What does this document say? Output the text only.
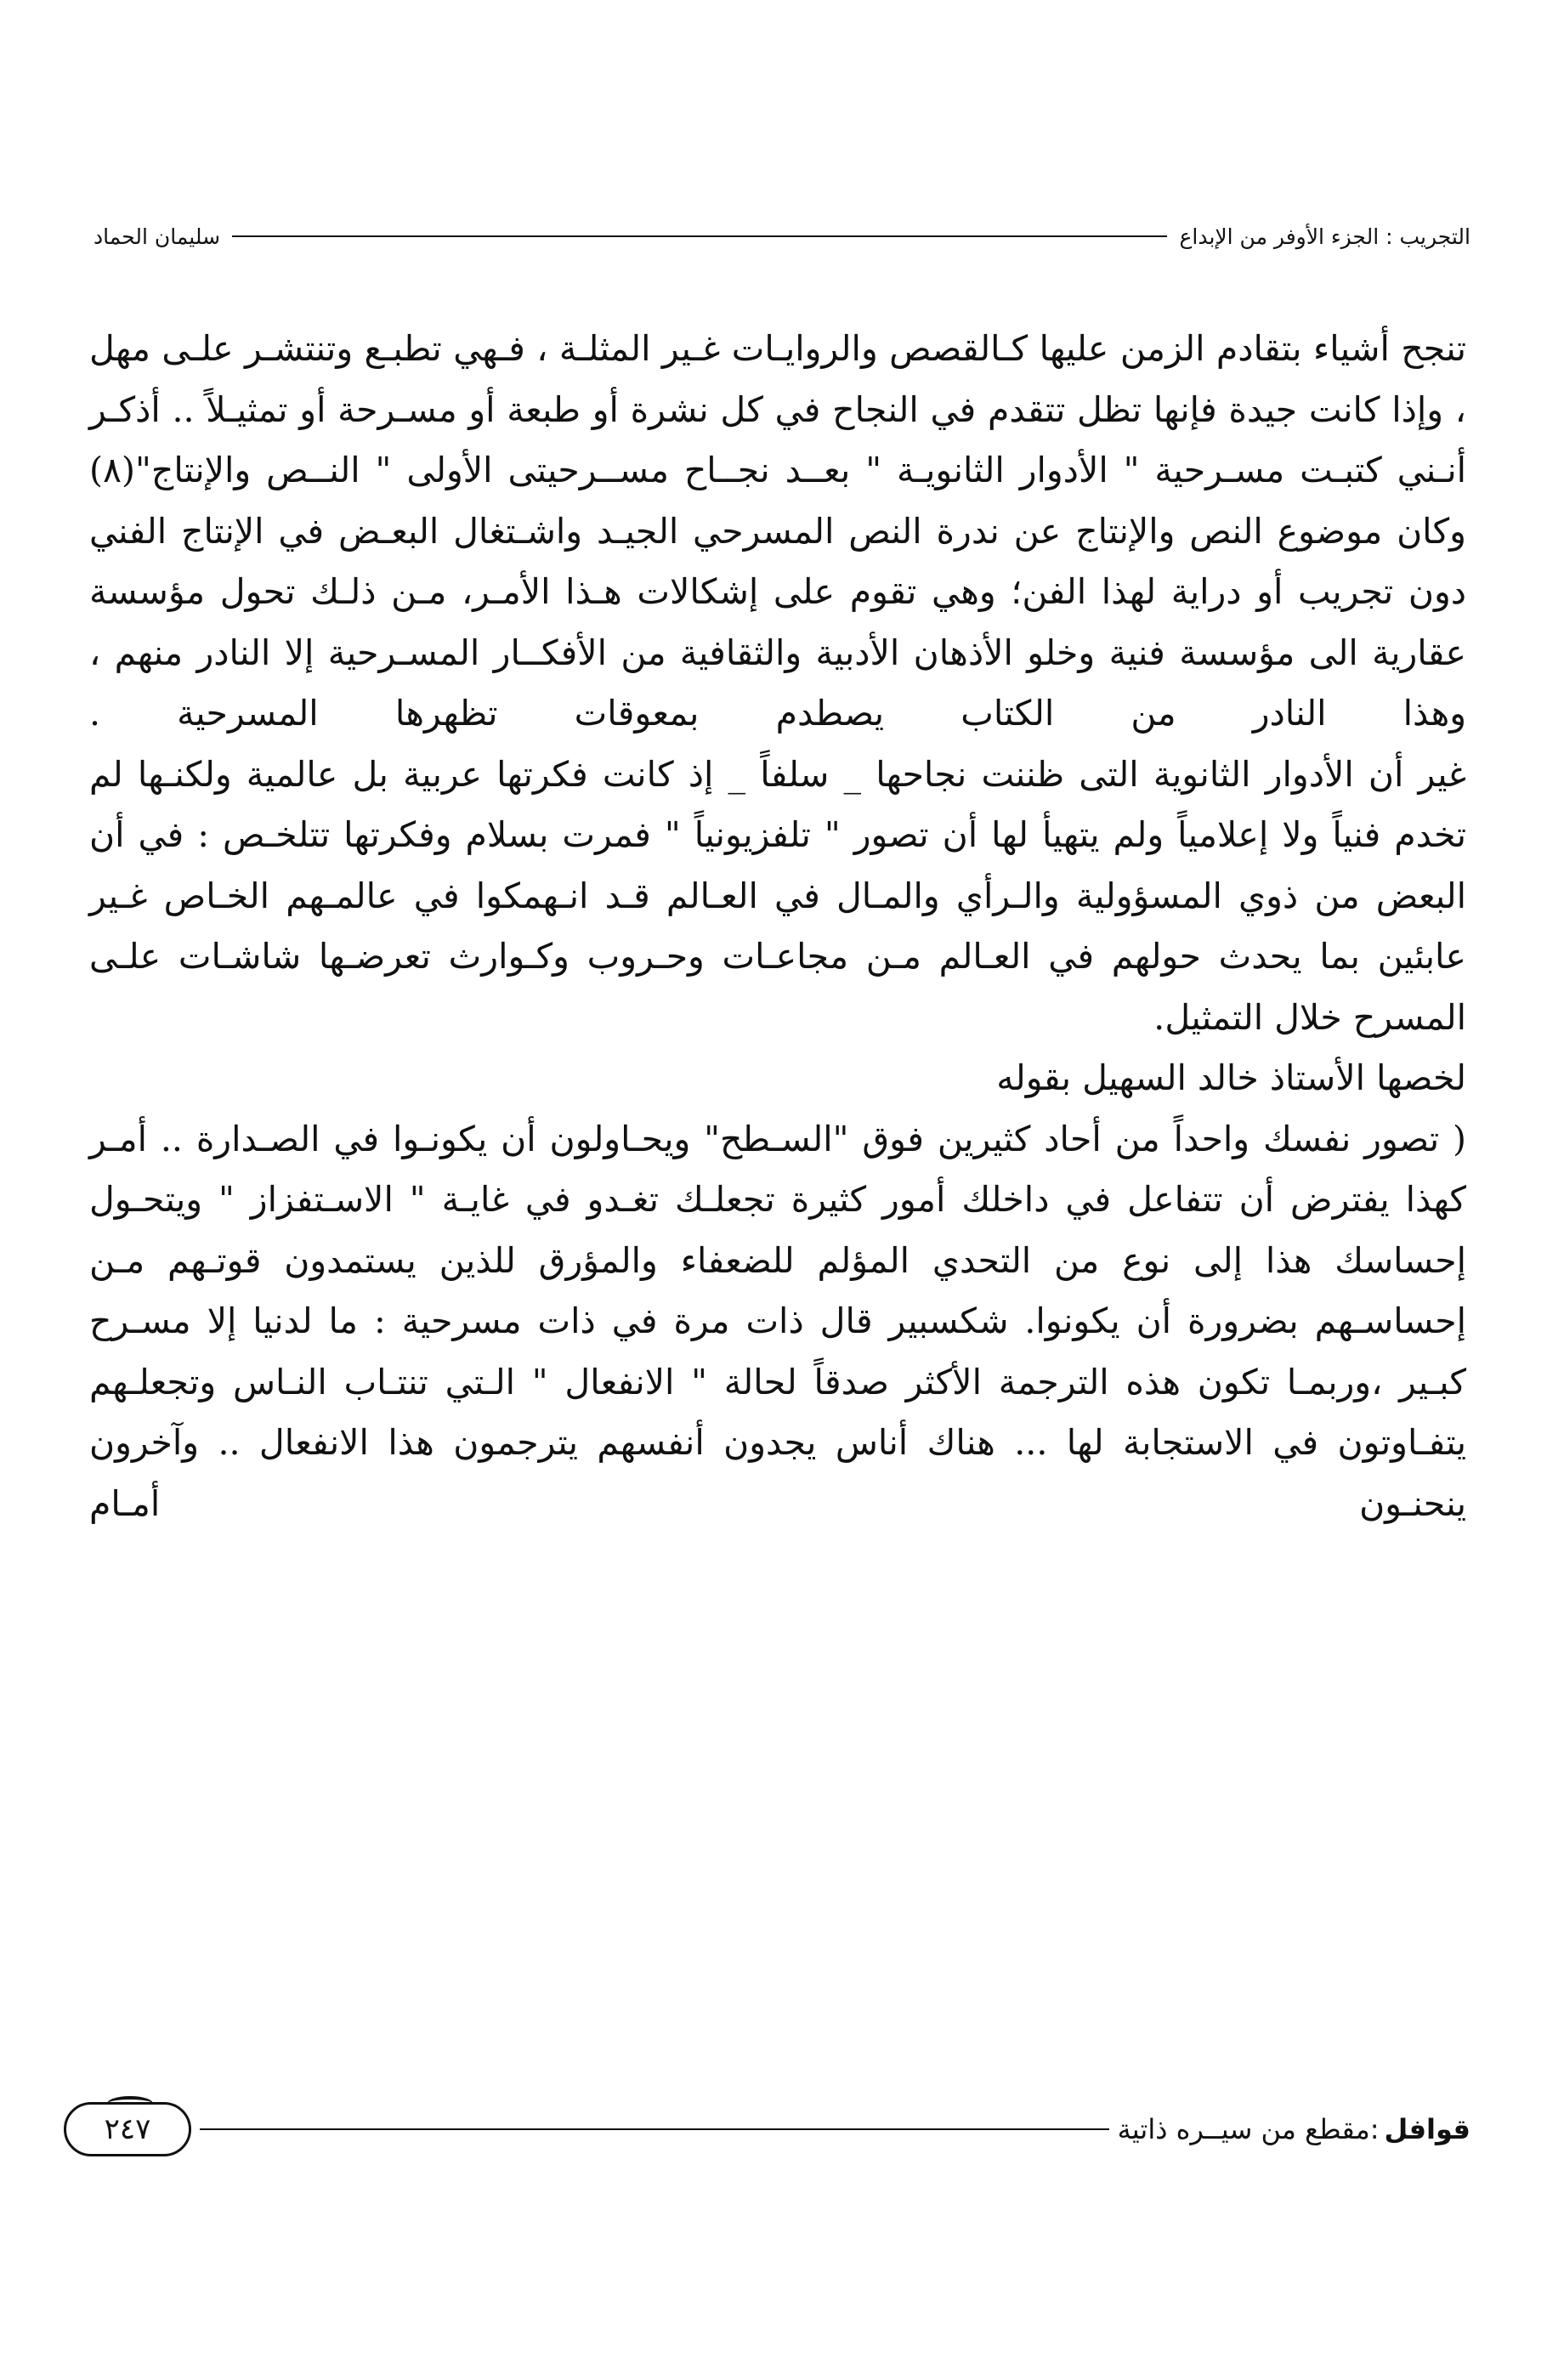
التجريب : الجزء الأوفر من الإبداع
سليمان الحماد

تنجح أشياء بتقادم الزمن عليها كـالقصص والروايـات غـير المثلـة ، فـهي تطبـع وتنتشـر علـى مهل ، وإذا كانت جيدة فإنها تظل تتقدم في النجاح في كل نشرة أو طبعة أو مسـرحة أو تمثيـلاً .. أذكـر أنـني كتبـت مسـرحية " الأدوار الثانويـة " بعــد نجــاح مســرحيتى الأولى " النــص والإنتاج"(٨) وكان موضوع النص والإنتاج عن ندرة النص المسرحي الجيـد واشـتغال البعـض في الإنتاج الفني دون تجريب أو دراية لهذا الفن؛ وهي تقوم على إشكالات هـذا الأمـر، مـن ذلـك تحول مؤسسة عقارية الى مؤسسة فنية وخلو الأذهان الأدبية والثقافية من الأفكــار المسـرحية إلا النادر منهم ، وهذا النادر من الكتاب يصطدم بمعوقات تظهرها المسرحية .

غير أن الأدوار الثانوية التى ظننت نجاحها _ سلفاً _ إذ كانت فكرتها عربية بل عالمية ولكنـها لم تخدم فنياً ولا إعلامياً ولم يتهيأ لها أن تصور " تلفزيونياً " فمرت بسلام وفكرتها تتلخـص : في أن البعض من ذوي المسؤولية والـرأي والمـال في العـالم قـد انـهمكوا في عالمـهم الخـاص غـير عابئين بما يحدث حولهم في العـالم مـن مجاعـات وحـروب وكـوارث تعرضـها شاشـات علـى المسرح خلال التمثيل.

لخصها الأستاذ خالد السهيل بقوله

( تصور نفسك واحداً من أحاد كثيرين فوق "السـطح" ويحـاولون أن يكونـوا في الصـدارة .. أمـر كهذا يفترض أن تتفاعل في داخلك أمور كثيرة تجعلـك تغـدو في غايـة " الاسـتفزاز " ويتحـول إحساسك هذا إلى نوع من التحدي المؤلم للضعفاء والمؤرق للذين يستمدون قوتـهم مـن إحساسـهم بضرورة أن يكونوا. شكسبير قال ذات مرة في ذات مسرحية : ما لدنيا إلا مسـرح كبـير ،وربمـا تكون هذه الترجمة الأكثر صدقاً لحالة " الانفعال " الـتي تنتـاب النـاس وتجعلـهم يتفـاوتون في الاستجابة لها ... هناك أناس يجدون أنفسهم يترجمون هذا الانفعال .. وآخرون ينحنـون أمـام

قوافل
:مقطع من سيــره ذاتية
٢٤٧
